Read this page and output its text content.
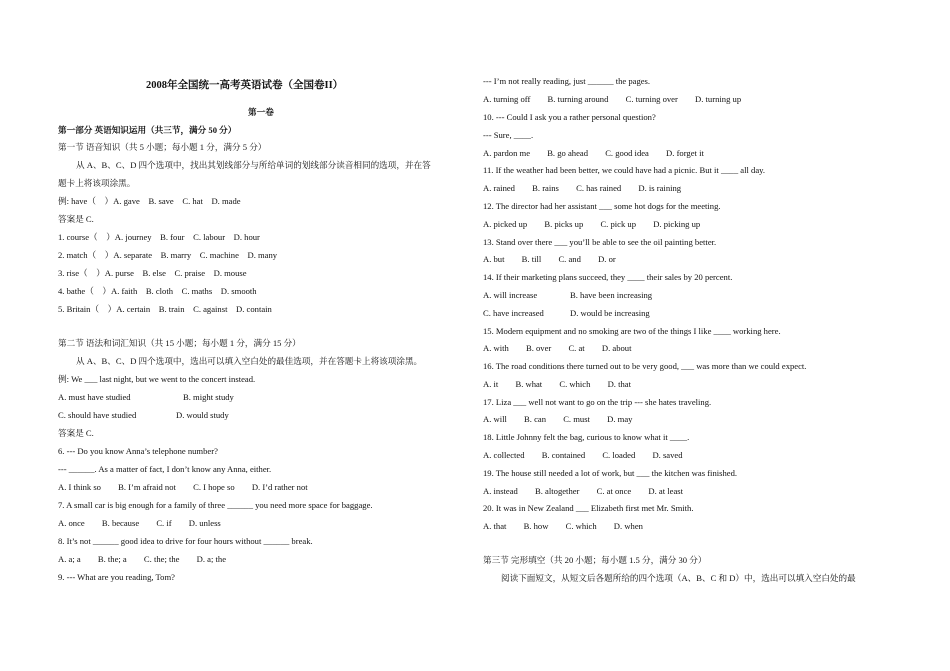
2008年全国统一高考英语试卷（全国卷II）
第一卷
第一部分 英语知识运用（共三节，满分 50 分）
第一节 语音知识（共 5 小题；每小题 1 分，满分 5 分）
从 A、B、C、D 四个选项中，找出其划线部分与所给单词的划线部分读音相同的选项，并在答
题卡上将该项涂黑。
例: have（　）A. gave　B. save　C. hat　D. made
答案是 C.
1. course（　）A. journey　B. four　C. labour　D. hour
2. match（　）A. separate　B. marry　C. machine　D. many
3. rise（　）A. purse　B. else　C. praise　D. mouse
4. bathe（　）A. faith　B. cloth　C. maths　D. smooth
5. Britain（　）A. certain　B. train　C. against　D. contain
第二节 语法和词汇知识（共 15 小题；每小题 1 分，满分 15 分）
从 A、B、C、D 四个选项中，选出可以填入空白处的最佳选项，并在答题卡上将该项涂黑。
例: We ___ last night, but we went to the concert instead.
A. must have studied	B. might study
C. should have studied	D. would study
答案是 C.
6. --- Do you know Anna’s telephone number?
--- ______. As a matter of fact, I don’t know any Anna, either.
A. I think so　　B. I’m afraid not　　C. I hope so　　D. I’d rather not
7. A small car is big enough for a family of three ______ you need more space for baggage.
A. once　　B. because　　C. if　　D. unless
8. It’s not ______ good idea to drive for four hours without ______ break.
A. a; a　　B. the; a　　C. the; the　　D. a; the
9. --- What are you reading, Tom?
--- I’m not really reading, just ______ the pages.
A. turning off　　B. turning around　　C. turning over　　D. turning up
10. --- Could I ask you a rather personal question?
--- Sure, ____.
A. pardon me　　B. go ahead　　C. good idea　　D. forget it
11. If the weather had been better, we could have had a picnic. But it ____ all day.
A. rained　　B. rains　　C. has rained　　D. is raining
12. The director had her assistant ___ some hot dogs for the meeting.
A. picked up　　B. picks up　　C. pick up　　D. picking up
13. Stand over there ___ you’ll be able to see the oil painting better.
A. but　　B. till　　C. and　　D. or
14. If their marketing plans succeed, they ____ their sales by 20 percent.
A. will increase	B. have been increasing
C. have increased	D. would be increasing
15. Modern equipment and no smoking are two of the things I like ____ working here.
A. with　　B. over　　C. at　　D. about
16. The road conditions there turned out to be very good, ___ was more than we could expect.
A. it　　B. what　　C. which　　D. that
17. Liza ___ well not want to go on the trip --- she hates traveling.
A. will　　B. can　　C. must　　D. may
18. Little Johnny felt the bag, curious to know what it ____.
A. collected　　B. contained　　C. loaded　　D. saved
19. The house still needed a lot of work, but ___ the kitchen was finished.
A. instead　　B. altogether　　C. at once　　D. at least
20. It was in New Zealand ___ Elizabeth first met Mr. Smith.
A. that　　B. how　　C. which　　D. when
第三节 完形填空（共 20 小题；每小题 1.5 分，满分 30 分）
阅读下面短文，从短文后各题所给的四个选项（A、B、C 和 D）中，选出可以填入空白处的最
